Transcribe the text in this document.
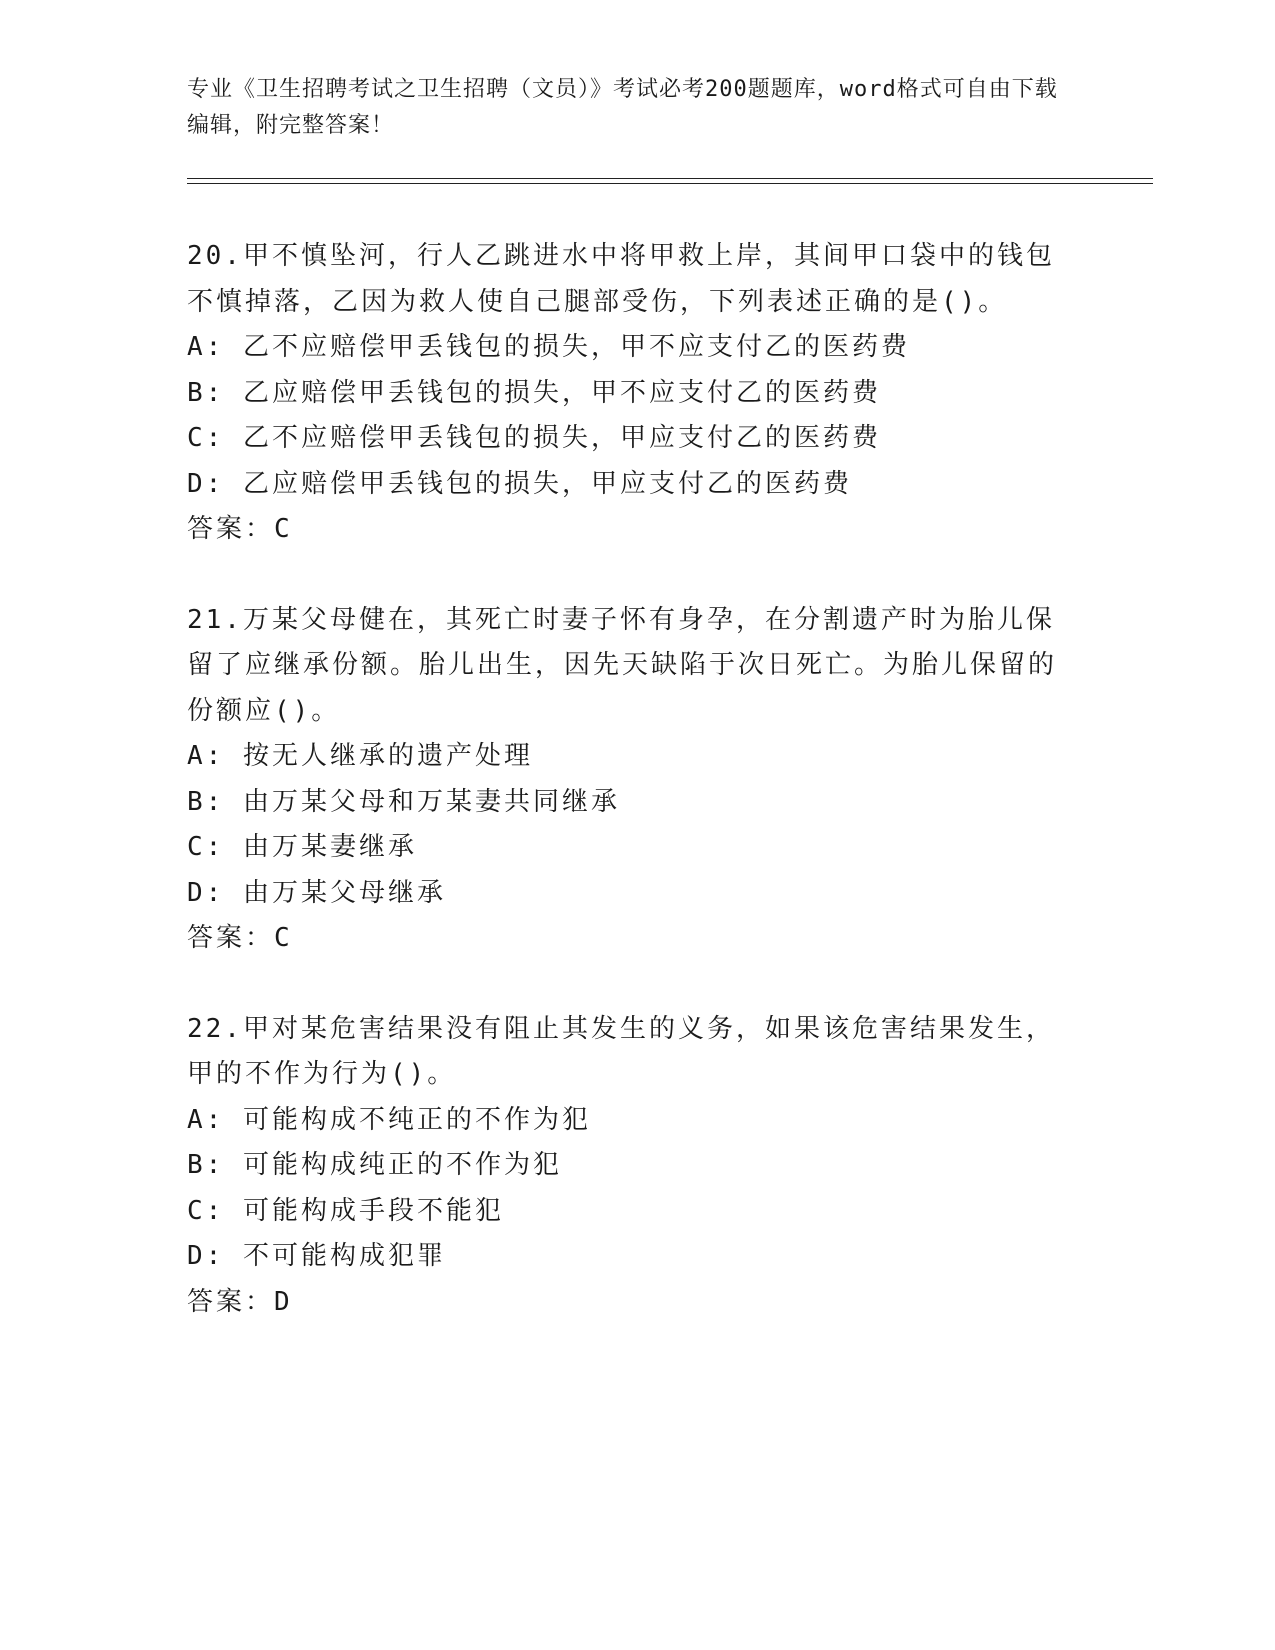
专业《卫生招聘考试之卫生招聘（文员）》考试必考200题题库，word格式可自由下载编辑，附完整答案！

20.甲不慎坠河，行人乙跳进水中将甲救上岸，其间甲口袋中的钱包不慎掉落，乙因为救人使自己腿部受伤，下列表述正确的是()。

A: 乙不应赔偿甲丢钱包的损失，甲不应支付乙的医药费

B: 乙应赔偿甲丢钱包的损失，甲不应支付乙的医药费

C: 乙不应赔偿甲丢钱包的损失，甲应支付乙的医药费

D: 乙应赔偿甲丢钱包的损失，甲应支付乙的医药费

答案：C

21.万某父母健在，其死亡时妻子怀有身孕，在分割遗产时为胎儿保留了应继承份额。胎儿出生，因先天缺陷于次日死亡。为胎儿保留的份额应()。

A: 按无人继承的遗产处理

B: 由万某父母和万某妻共同继承

C: 由万某妻继承

D: 由万某父母继承

答案：C

22.甲对某危害结果没有阻止其发生的义务，如果该危害结果发生，甲的不作为行为()。

A: 可能构成不纯正的不作为犯

B: 可能构成纯正的不作为犯

C: 可能构成手段不能犯

D: 不可能构成犯罪

答案：D
